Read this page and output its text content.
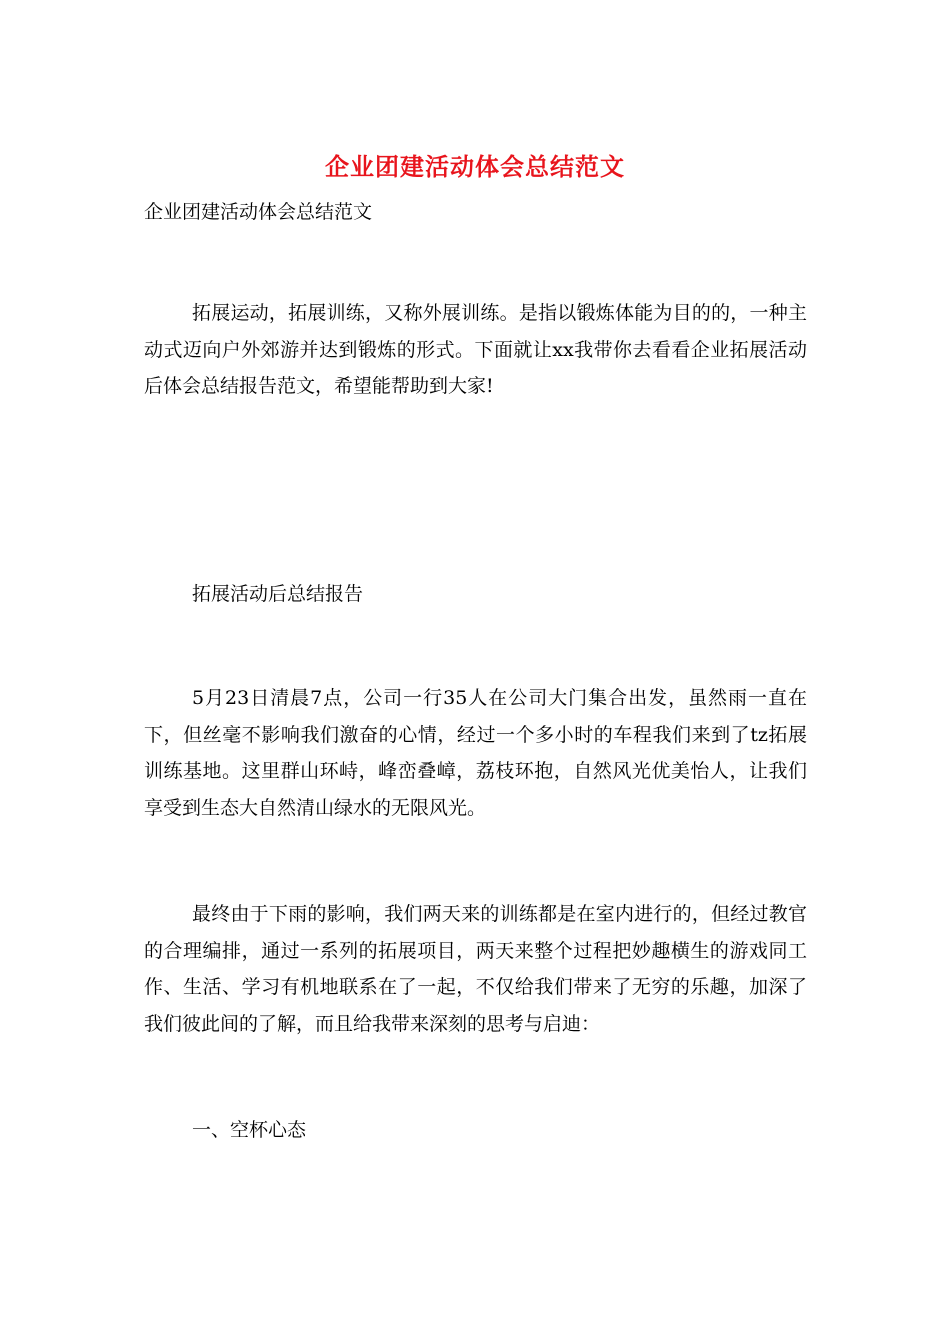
企业团建活动体会总结范文
企业团建活动体会总结范文

拓展运动，拓展训练，又称外展训练。是指以锻炼体能为目的的，一种主动式迈向户外郊游并达到锻炼的形式。下面就让xx我带你去看看企业拓展活动后体会总结报告范文，希望能帮助到大家!

拓展活动后总结报告

5月23日清晨7点，公司一行35人在公司大门集合出发，虽然雨一直在下，但丝毫不影响我们激奋的心情，经过一个多小时的车程我们来到了tz拓展训练基地。这里群山环峙，峰峦叠嶂，荔枝环抱，自然风光优美怡人，让我们享受到生态大自然清山绿水的无限风光。

最终由于下雨的影响，我们两天来的训练都是在室内进行的，但经过教官的合理编排，通过一系列的拓展项目，两天来整个过程把妙趣横生的游戏同工作、生活、学习有机地联系在了一起，不仅给我们带来了无穷的乐趣，加深了我们彼此间的了解，而且给我带来深刻的思考与启迪：

一、空杯心态
